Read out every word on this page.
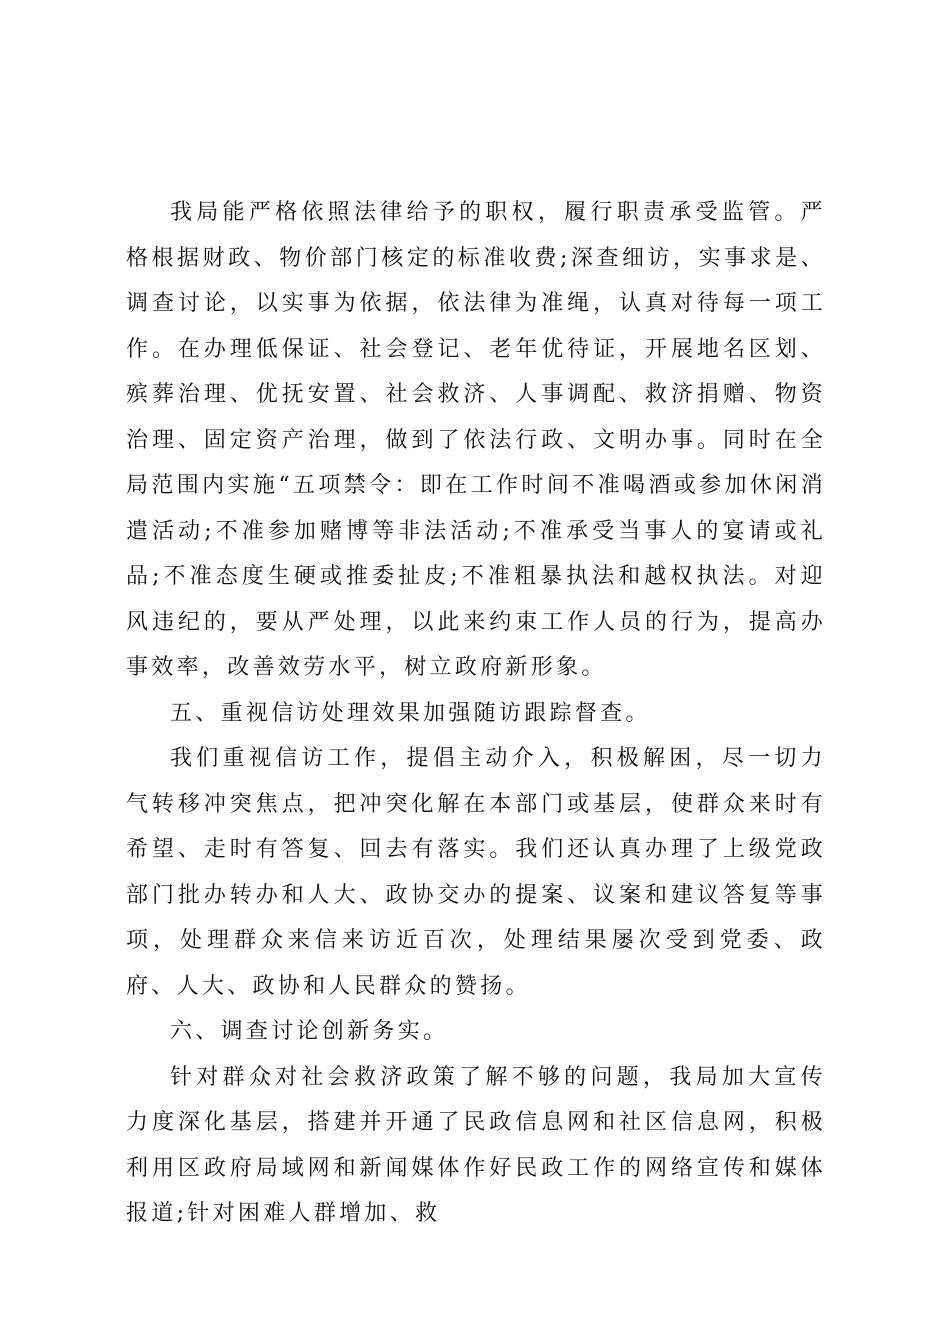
我局能严格依照法律给予的职权，履行职责承受监管。严格根据财政、物价部门核定的标准收费;深查细访，实事求是、调查讨论，以实事为依据，依法律为准绳，认真对待每一项工作。在办理低保证、社会登记、老年优待证，开展地名区划、殡葬治理、优抚安置、社会救济、人事调配、救济捐赠、物资治理、固定资产治理，做到了依法行政、文明办事。同时在全局范围内实施“五项禁令：即在工作时间不准喝酒或参加休闲消遣活动;不准参加赌博等非法活动;不准承受当事人的宴请或礼品;不准态度生硬或推委扯皮;不准粗暴执法和越权执法。对迎风违纪的，要从严处理，以此来约束工作人员的行为，提高办事效率，改善效劳水平，树立政府新形象。

五、重视信访处理效果加强随访跟踪督查。

我们重视信访工作，提倡主动介入，积极解困，尽一切力气转移冲突焦点，把冲突化解在本部门或基层，使群众来时有希望、走时有答复、回去有落实。我们还认真办理了上级党政部门批办转办和人大、政协交办的提案、议案和建议答复等事项，处理群众来信来访近百次，处理结果屡次受到党委、政府、人大、政协和人民群众的赞扬。

六、调查讨论创新务实。

针对群众对社会救济政策了解不够的问题，我局加大宣传力度深化基层，搭建并开通了民政信息网和社区信息网，积极利用区政府局域网和新闻媒体作好民政工作的网络宣传和媒体报道;针对困难人群增加、救
